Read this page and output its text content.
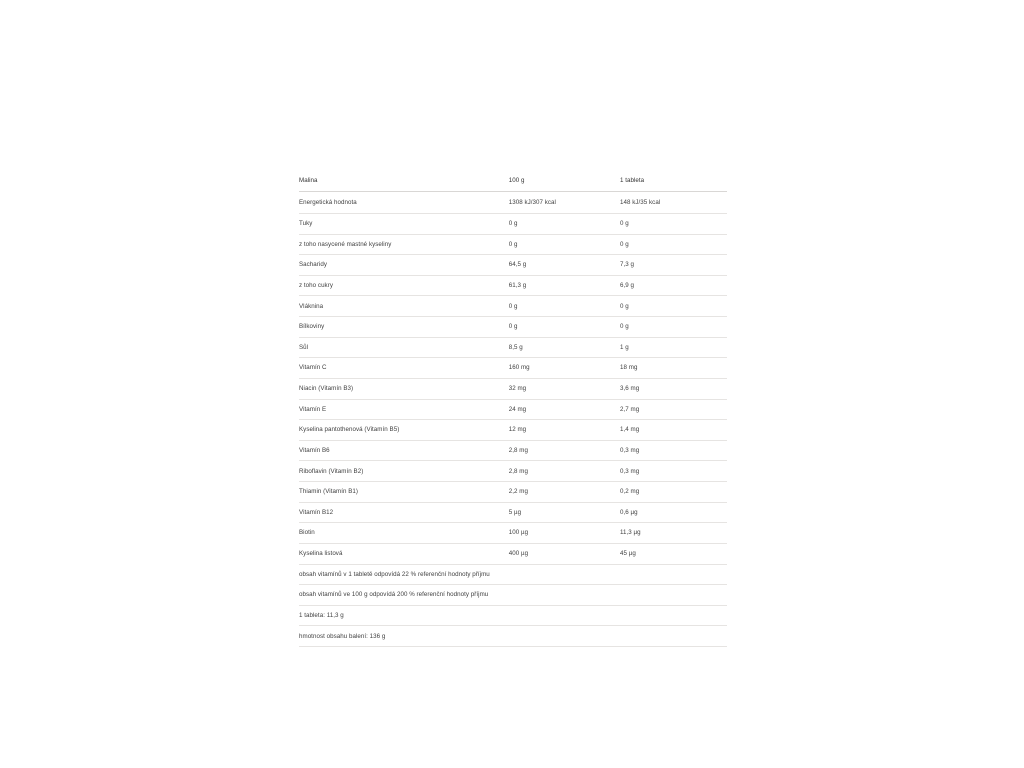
Malina	100 g	1 tableta
Energetická hodnota	1308 kJ/307 kcal	148 kJ/35 kcal
Tuky	0 g	0 g
z toho nasycené mastné kyseliny	0 g	0 g
Sacharidy	64,5 g	7,3 g
z toho cukry	61,3 g	6,9 g
Vláknina	0 g	0 g
Bílkoviny	0 g	0 g
Sůl	8,5 g	1 g
Vitamín C	160 mg	18 mg
Niacin (Vitamín B3)	32 mg	3,6 mg
Vitamín E	24 mg	2,7 mg
Kyselina pantothenová (Vitamín B5)	12 mg	1,4 mg
Vitamín B6	2,8 mg	0,3 mg
Riboflavin (Vitamín B2)	2,8 mg	0,3 mg
Thiamin (Vitamín B1)	2,2 mg	0,2 mg
Vitamín B12	5 µg	0,6 µg
Biotin	100 µg	11,3 µg
Kyselina listová	400 µg	45 µg
obsah vitamínů v 1 tabletě odpovídá 22 % referenční hodnoty příjmu		
obsah vitamínů ve 100 g odpovídá 200 % referenční hodnoty příjmu		
1 tableta: 11,3 g		
hmotnost obsahu balení: 136 g		
